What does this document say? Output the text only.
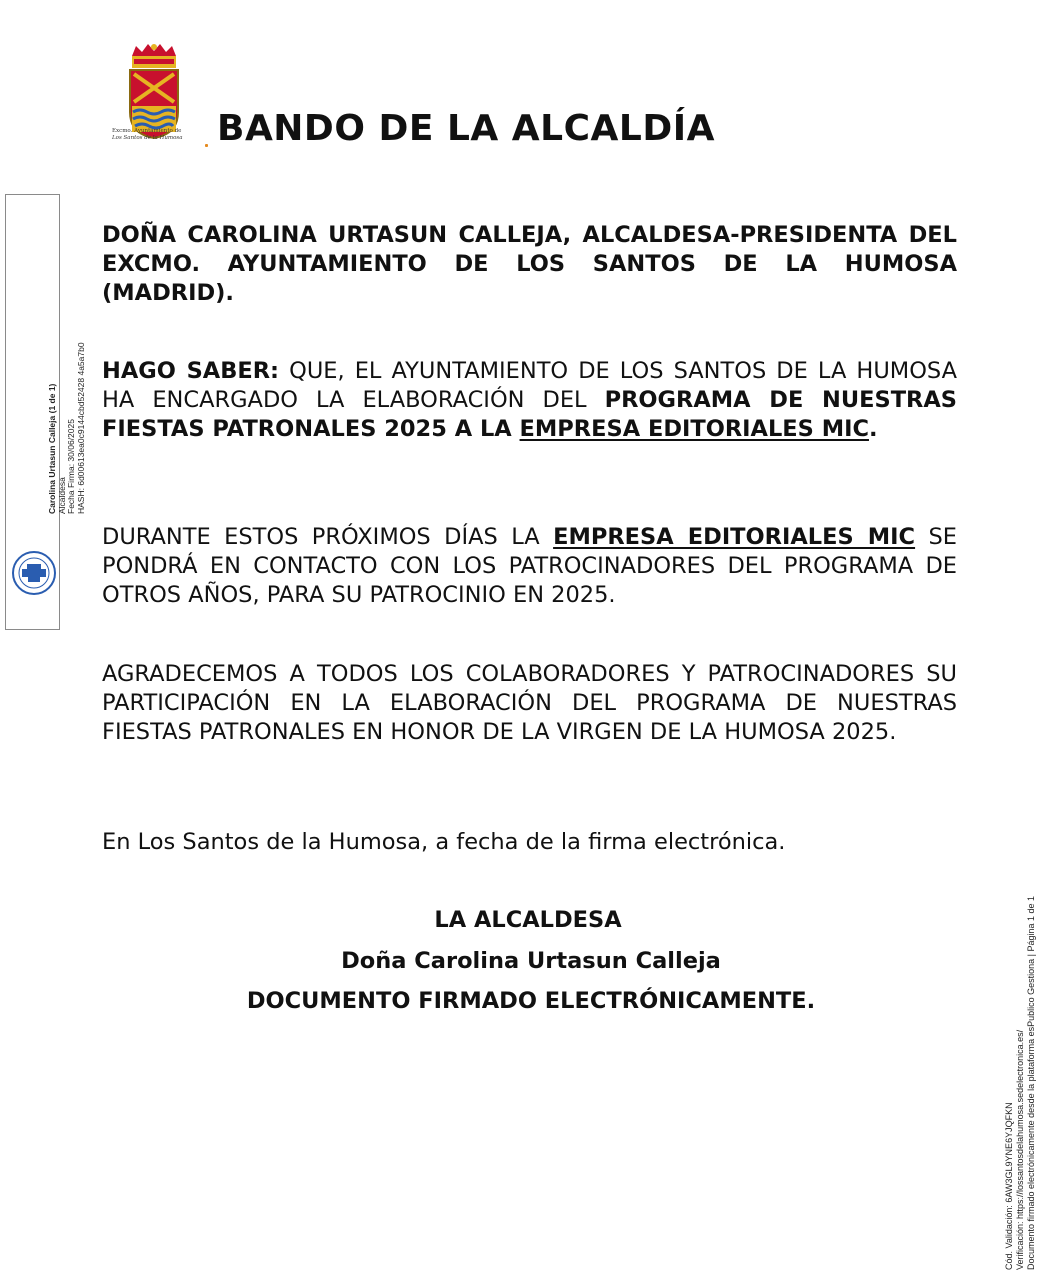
Excmo. Ayuntamiento de
Los Santos de la Humosa BANDO DE LA ALCALDÍA
Carolina Urtasun Calleja (1 de 1) Alcaldesa Fecha Firma: 30/06/2025 HASH: 6d00613ea0c9144cbd52428 4a5a7b0

DOÑA CAROLINA URTASUN CALLEJA, ALCALDESA-PRESIDENTA DEL EXCMO. AYUNTAMIENTO DE LOS SANTOS DE LA HUMOSA (MADRID).

HAGO SABER: QUE, EL AYUNTAMIENTO DE LOS SANTOS DE LA HUMOSA HA ENCARGADO LA ELABORACIÓN DEL PROGRAMA DE NUESTRAS FIESTAS PATRONALES 2025 A LA EMPRESA EDITORIALES MIC.

DURANTE ESTOS PRÓXIMOS DÍAS LA EMPRESA EDITORIALES MIC SE PONDRÁ EN CONTACTO CON LOS PATROCINADORES DEL PROGRAMA DE OTROS AÑOS, PARA SU PATROCINIO EN 2025.

AGRADECEMOS A TODOS LOS COLABORADORES Y PATROCINADORES SU PARTICIPACIÓN EN LA ELABORACIÓN DEL PROGRAMA DE NUESTRAS FIESTAS PATRONALES EN HONOR DE LA VIRGEN DE LA HUMOSA 2025.

En Los Santos de la Humosa, a fecha de la firma electrónica.
LA ALCALDESA
Doña Carolina Urtasun Calleja
DOCUMENTO FIRMADO ELECTRÓNICAMENTE.
Cód. Validación: 6AW3GL9YNE6YJQFKN Verificación: https://lossantosdelahumosa.sedelectronica.es/ Documento firmado electrónicamente desde la plataforma esPublico Gestiona | Página 1 de 1
